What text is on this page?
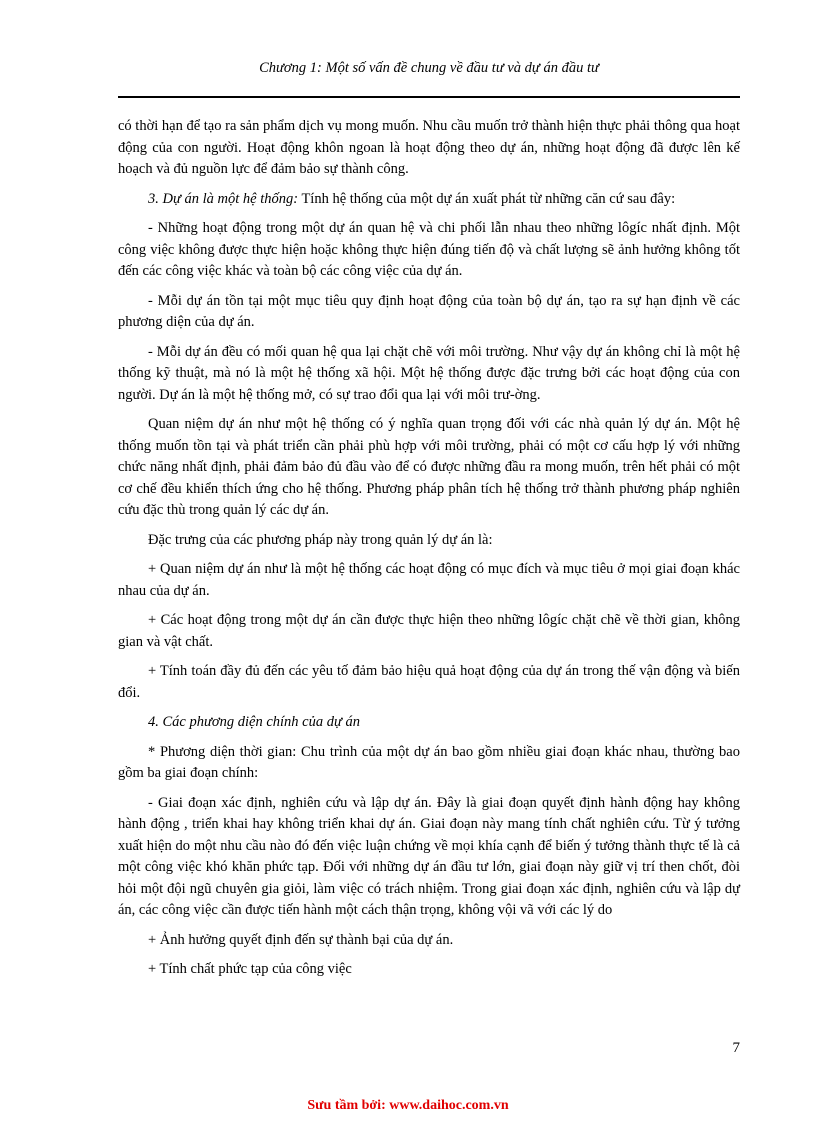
Chương 1: Một số vấn đề chung về đầu tư và dự án đầu tư

có thời hạn để tạo ra sản phẩm dịch vụ mong muốn. Nhu cầu muốn trở thành hiện thực phải thông qua hoạt động của con người. Hoạt động khôn ngoan là hoạt động theo dự án, những hoạt động đã được lên kế hoạch và đủ nguồn lực để đảm bảo sự thành công.

3. Dự án là một hệ thống: Tính hệ thống của một dự án xuất phát từ những căn cứ sau đây:

- Những hoạt động trong một dự án quan hệ và chi phối lẫn nhau theo những lôgíc nhất định. Một công việc không được thực hiện hoặc không thực hiện đúng tiến độ và chất lượng sẽ ảnh hưởng không tốt đến các công việc khác và toàn bộ các công việc của dự án.

- Mỗi dự án tồn tại một mục tiêu quy định hoạt động của toàn bộ dự án, tạo ra sự hạn định về các phương diện của dự án.

- Mỗi dự án đều có mối quan hệ qua lại chặt chẽ với môi trường. Như vậy dự án không chỉ là một hệ thống kỹ thuật, mà nó là một hệ thống xã hội. Một hệ thống được đặc trưng bởi các hoạt động của con người. Dự án là một hệ thống mở, có sự trao đổi qua lại với môi trư-ờng.

Quan niệm dự án như một hệ thống có ý nghĩa quan trọng đối với các nhà quản lý dự án. Một hệ thống muốn tồn tại và phát triển cần phải phù hợp với môi trường, phải có một cơ cấu hợp lý với những chức năng nhất định, phải đảm bảo đủ đầu vào để có được những đầu ra mong muốn, trên hết phải có một cơ chế đều khiển thích ứng cho hệ thống. Phương pháp phân tích hệ thống trở thành phương pháp nghiên cứu đặc thù trong quản lý các dự án.

Đặc trưng của các phương pháp này trong quản lý dự án là:

+ Quan niệm dự án như là một hệ thống các hoạt động có mục đích và mục tiêu ở mọi giai đoạn khác nhau của dự án.

+ Các hoạt động trong một dự án cần được thực hiện theo những lôgíc chặt chẽ về thời gian, không gian và vật chất.

+ Tính toán đầy đủ đến các yêu tố đảm bảo hiệu quả hoạt động của dự án trong thế vận động và biến đổi.

4. Các phương diện chính của dự án

* Phương diện thời gian: Chu trình của một dự án bao gồm nhiều giai đoạn khác nhau, thường bao gồm ba giai đoạn chính:

- Giai đoạn xác định, nghiên cứu và lập dự án. Đây là giai đoạn quyết định hành động hay không hành động , triển khai hay không triển khai dự án. Giai đoạn này mang tính chất nghiên cứu. Từ ý tưởng xuất hiện do một nhu cầu nào đó đến việc luận chứng về mọi khía cạnh để biến ý tưởng thành thực tế là cả một công việc khó khăn phức tạp. Đối với những dự án đầu tư lớn, giai đoạn này giữ vị trí then chốt, đòi hỏi một đội ngũ chuyên gia giỏi, làm việc có trách nhiệm. Trong giai đoạn xác định, nghiên cứu và lập dự án, các công việc cần được tiến hành một cách thận trọng, không vội vã với các lý do

+ Ảnh hưởng quyết định đến sự thành bại của dự án.

+ Tính chất phức tạp của công việc

7
Sưu tầm bởi: www.daihoc.com.vn
